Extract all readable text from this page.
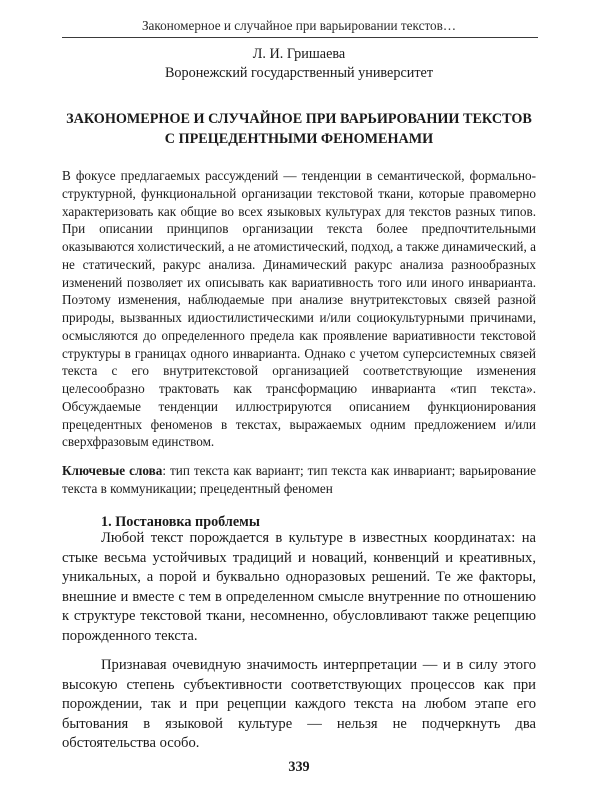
Закономерное и случайное при варьировании текстов…
Л. И. Гришаева
Воронежский государственный университет
ЗАКОНОМЕРНОЕ И СЛУЧАЙНОЕ ПРИ ВАРЬИРОВАНИИ ТЕКСТОВ С ПРЕЦЕДЕНТНЫМИ ФЕНОМЕНАМИ

В фокусе предлагаемых рассуждений — тенденции в семантической, формально-структурной, функциональной организации текстовой ткани, которые правомерно характеризовать как общие во всех языковых культурах для текстов разных типов. При описании принципов организации текста более предпочтительными оказываются холистический, а не атомистический, подход, а также динамический, а не статический, ракурс анализа. Динамический ракурс анализа разнообразных изменений позволяет их описывать как вариативность того или иного инварианта. Поэтому изменения, наблюдаемые при анализе внутритекстовых связей разной природы, вызванных идиостилистическими и/или социокультурными причинами, осмысляются до определенного предела как проявление вариативности текстовой структуры в границах одного инварианта. Однако с учетом суперсистемных связей текста с его внутритекстовой организацией соответствующие изменения целесообразно трактовать как трансформацию инварианта «тип текста». Обсуждаемые тенденции иллюстрируются описанием функционирования прецедентных феноменов в текстах, выражаемых одним предложением и/или сверхфразовым единством.

Ключевые слова: тип текста как вариант; тип текста как инвариант; варьирование текста в коммуникации; прецедентный феномен

1. Постановка проблемы

Любой текст порождается в культуре в известных координатах: на стыке весьма устойчивых традиций и новаций, конвенций и креативных, уникальных, а порой и буквально одноразовых решений. Те же факторы, внешние и вместе с тем в определенном смысле внутренние по отношению к структуре текстовой ткани, несомненно, обусловливают также рецепцию порожденного текста.

Признавая очевидную значимость интерпретации — и в силу этого высокую степень субъективности соответствующих процессов как при порождении, так и при рецепции каждого текста на любом этапе его бытования в языковой культуре — нельзя не подчеркнуть два обстоятельства особо.

339
